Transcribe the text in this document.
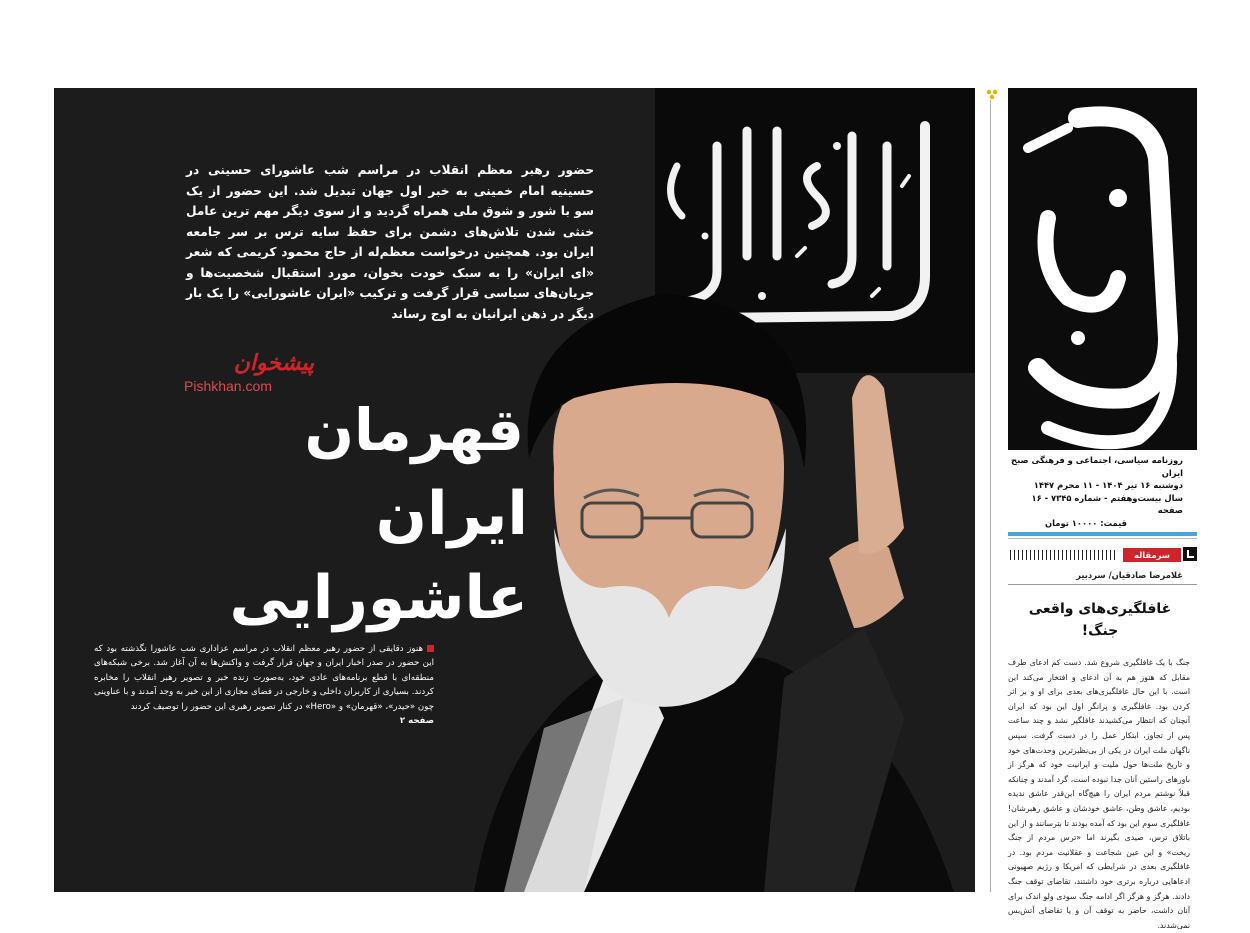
حضور رهبر معظم انقلاب در مراسم شب عاشورای حسینی در حسینیه امام خمینی به خبر اول جهان تبدیل شد. این حضور از یک سو با شور و شوق ملی همراه گردید و از سوی دیگر مهم ترین عامل خنثی شدن تلاش‌های دشمن برای حفظ سایه ترس بر سر جامعه ایران بود. همچنین درخواست معظم‌له از حاج محمود کریمی که شعر «ای ایران» را به سبک خودت بخوان، مورد استقبال شخصیت‌ها و جریان‌های سیاسی قرار گرفت و ترکیب «ایران عاشورایی» را یک بار دیگر در ذهن ایرانیان به اوج رساند
پیشخوان
Pishkhan.com
قهرمان
ایران عاشورایی
هنوز دقایقی از حضور رهبر معظم انقلاب در مراسم عزاداری شب عاشورا نگذشته بود که این حضور در صدر اخبار ایران و جهان قرار گرفت و واکنش‌ها به آن آغاز شد. برخی شبکه‌های منطقه‌ای با قطع برنامه‌های عادی خود، به‌صورت زنده خبر و تصویر رهبر انقلاب را مخابره کردند. بسیاری از کاربران داخلی و خارجی در فضای مجازی از این خبر به وجد آمدند و با عناوینی چون «حیدر»، «قهرمان» و «Hero» در کنار تصویر رهبری این حضور را توصیف کردند
صفحه ۲
روزنامه سیاسی، اجتماعی و فرهنگی صبح ایران
دوشنبه ۱۶ تیر ۱۴۰۴ - ۱۱ محرم ۱۴۴۷
سال بیست‌وهفتم - شماره ۷۳۴۵ - ۱۶ صفحه
قیمت: ۱۰۰۰۰ تومان
سرمقاله
غلامرضا صادقیان/ سردبیر
غافلگیری‌های واقعی جنگ!
جنگ با یک غافلگیری شروع شد. دست کم ادعای طرف مقابل که هنوز هم به آن ادعای و افتخار می‌کند این است. با این حال غافلگیری‌های بعدی برای او و بر اثر کردن بود. غافلگیری و پرانگر اول این بود که ایران آنچنان که انتظار می‌کشیدند غافلگیر نشد و چند ساعت پس از تجاوز، ابتکار عمل را در دست گرفت. سپس ناگهان ملت ایران در یکی از بی‌نظیرترین وحدت‌های خود و تاریخ ملت‌ها حول ملیت و ایرانیت خود که هرگز از باورهای راستین آنان جدا نبوده است، گرد آمدند و چنانکه قبلاً نوشتم مردم ایران را هیچ‌گاه این‌قدر عاشق ندیده بودیم، عاشق وطن، عاشق خودشان و عاشق رهبرشان! غافلگیری سوم این بود که آمده بودند تا بترسانند و از این باتلاق ترس، صیدی بگیرند اما «ترس مردم از جنگ ریخت» و این عین شجاعت و عقلانیت مردم بود. در غافلگیری بعدی در شرایطی که امریکا و رژیم صهیونی ادعاهایی درباره برتری خود داشتند، تقاضای توقف جنگ دادند. هرگز و هرگز اگر ادامه جنگ سودی ولو اندک برای آنان داشت، حاضر به توقف آن و یا تقاضای آتش‌بس نمی‌شدند.
